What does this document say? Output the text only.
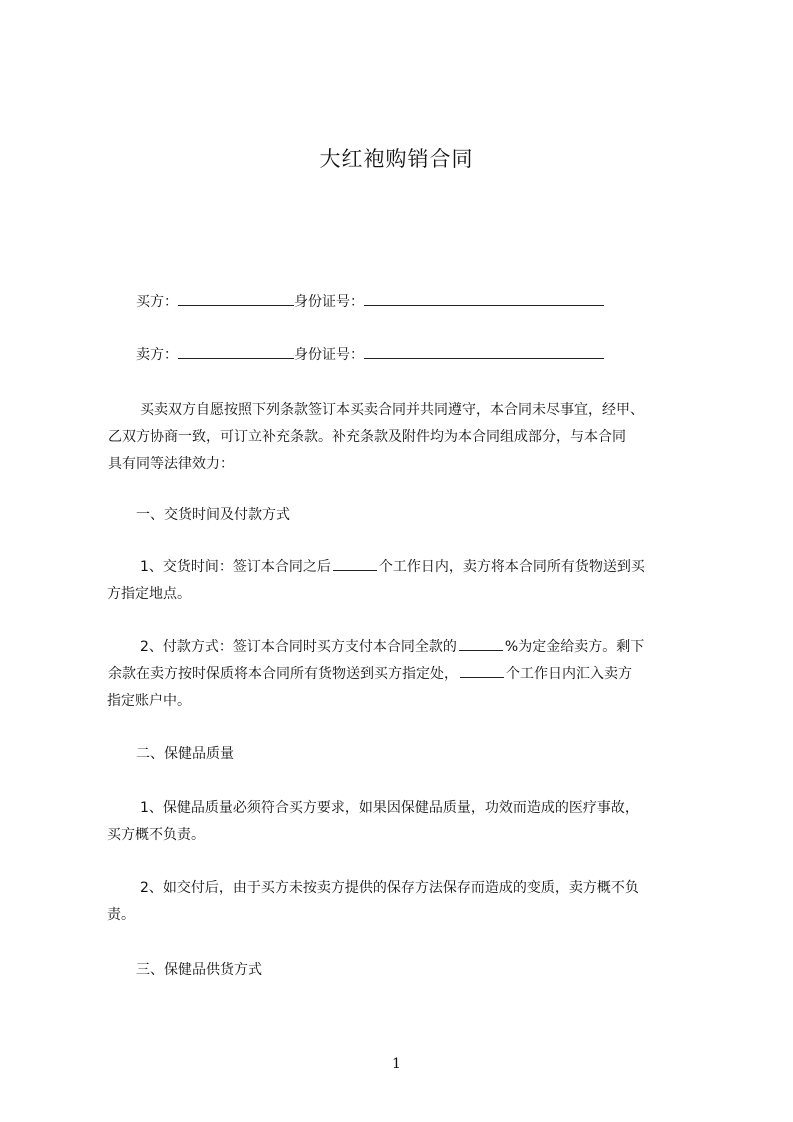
大红袍购销合同
买方：	身份证号：
卖方：	身份证号：
买卖双方自愿按照下列条款签订本买卖合同并共同遵守，本合同未尽事宜，经甲、
乙双方协商一致，可订立补充条款。补充条款及附件均为本合同组成部分，与本合同
具有同等法律效力：
一、交货时间及付款方式
1、交货时间：签订本合同之后	个工作日内，卖方将本合同所有货物送到买
方指定地点。
2、付款方式：签订本合同时买方支付本合同全款的	%为定金给卖方。剩下
余款在卖方按时保质将本合同所有货物送到买方指定处，	个工作日内汇入卖方
指定账户中。
二、保健品质量
1、保健品质量必须符合买方要求，如果因保健品质量，功效而造成的医疗事故，
买方概不负责。
2、如交付后，由于买方未按卖方提供的保存方法保存而造成的变质，卖方概不负
责。
三、保健品供货方式
1
